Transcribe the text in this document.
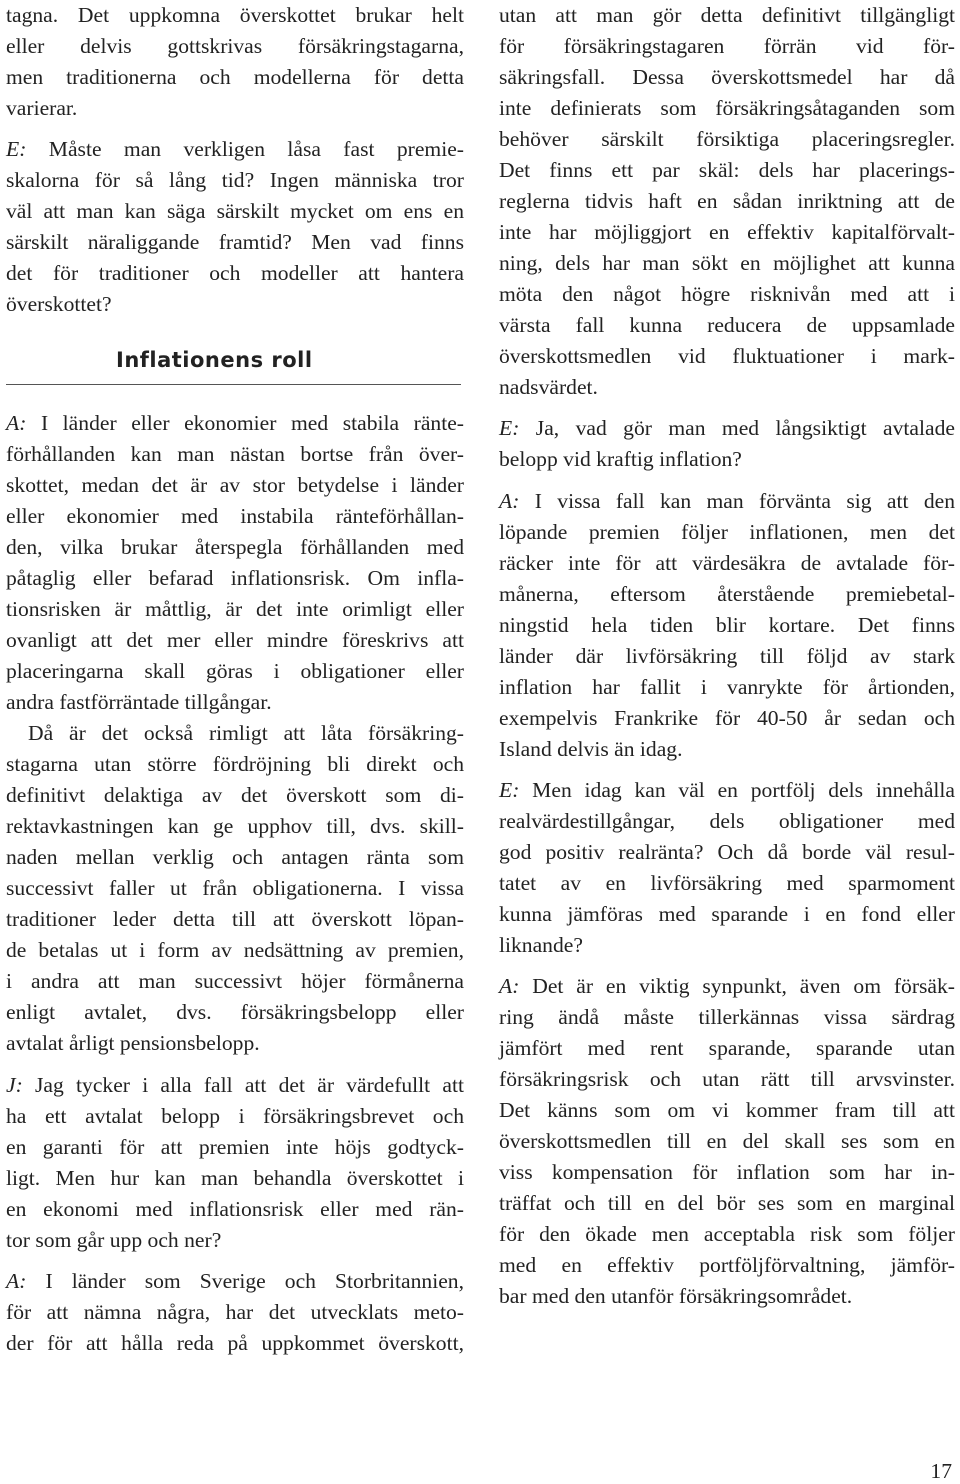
tagna. Det uppkomna överskottet brukar helt
eller delvis gottskrivas försäkringstagarna,
men traditionerna och modellerna för detta
varierar.
E: Måste man verkligen låsa fast premie-
skalorna för så lång tid? Ingen människa tror
väl att man kan säga särskilt mycket om ens en
särskilt näraliggande framtid? Men vad finns
det för traditioner och modeller att hantera
överskottet?
A: I länder eller ekonomier med stabila ränte-
förhållanden kan man nästan bortse från över-
skottet, medan det är av stor betydelse i länder
eller ekonomier med instabila ränteförhållan-
den, vilka brukar återspegla förhållanden med
påtaglig eller befarad inflationsrisk. Om infla-
tionsrisken är måttlig, är det inte orimligt eller
ovanligt att det mer eller mindre föreskrivs att
placeringarna skall göras i obligationer eller
andra fastförräntade tillgångar.
Då är det också rimligt att låta försäkring-
stagarna utan större fördröjning bli direkt och
definitivt delaktiga av det överskott som di-
rektavkastningen kan ge upphov till, dvs. skill-
naden mellan verklig och antagen ränta som
successivt faller ut från obligationerna. I vissa
traditioner leder detta till att överskott löpan-
de betalas ut i form av nedsättning av premien,
i andra att man successivt höjer förmånerna
enligt avtalet, dvs. försäkringsbelopp eller
avtalat årligt pensionsbelopp.
J: Jag tycker i alla fall att det är värdefullt att
ha ett avtalat belopp i försäkringsbrevet och
en garanti för att premien inte höjs godtyck-
ligt. Men hur kan man behandla överskottet i
en ekonomi med inflationsrisk eller med rän-
tor som går upp och ner?
A: I länder som Sverige och Storbritannien,
för att nämna några, har det utvecklats meto-
der för att hålla reda på uppkommet överskott,
Inflationens roll
utan att man gör detta definitivt tillgängligt
för försäkringstagaren förrän vid för-
säkringsfall. Dessa överskottsmedel har då
inte definierats som försäkringsåtaganden som
behöver särskilt försiktiga placeringsregler.
Det finns ett par skäl: dels har placerings-
reglerna tidvis haft en sådan inriktning att de
inte har möjliggjort en effektiv kapitalförvalt-
ning, dels har man sökt en möjlighet att kunna
möta den något högre risknivån med att i
värsta fall kunna reducera de uppsamlade
överskottsmedlen vid fluktuationer i mark-
nadsvärdet.
E: Ja, vad gör man med långsiktigt avtalade
belopp vid kraftig inflation?
A: I vissa fall kan man förvänta sig att den
löpande premien följer inflationen, men det
räcker inte för att värdesäkra de avtalade för-
månerna, eftersom återstående premiebetal-
ningstid hela tiden blir kortare. Det finns
länder där livförsäkring till följd av stark
inflation har fallit i vanrykte för årtionden,
exempelvis Frankrike för 40-50 år sedan och
Island delvis än idag.
E: Men idag kan väl en portfölj dels innehålla
realvärdestillgångar, dels obligationer med
god positiv realränta? Och då borde väl resul-
tatet av en livförsäkring med sparmoment
kunna jämföras med sparande i en fond eller
liknande?
A: Det är en viktig synpunkt, även om försäk-
ring ändå måste tillerkännas vissa särdrag
jämfört med rent sparande, sparande utan
försäkringsrisk och utan rätt till arvsvinster.
Det känns som om vi kommer fram till att
överskottsmedlen till en del skall ses som en
viss kompensation för inflation som har in-
träffat och till en del bör ses som en marginal
för den ökade men acceptabla risk som följer
med en effektiv portföljförvaltning, jämför-
bar med den utanför försäkringsområdet.
17
